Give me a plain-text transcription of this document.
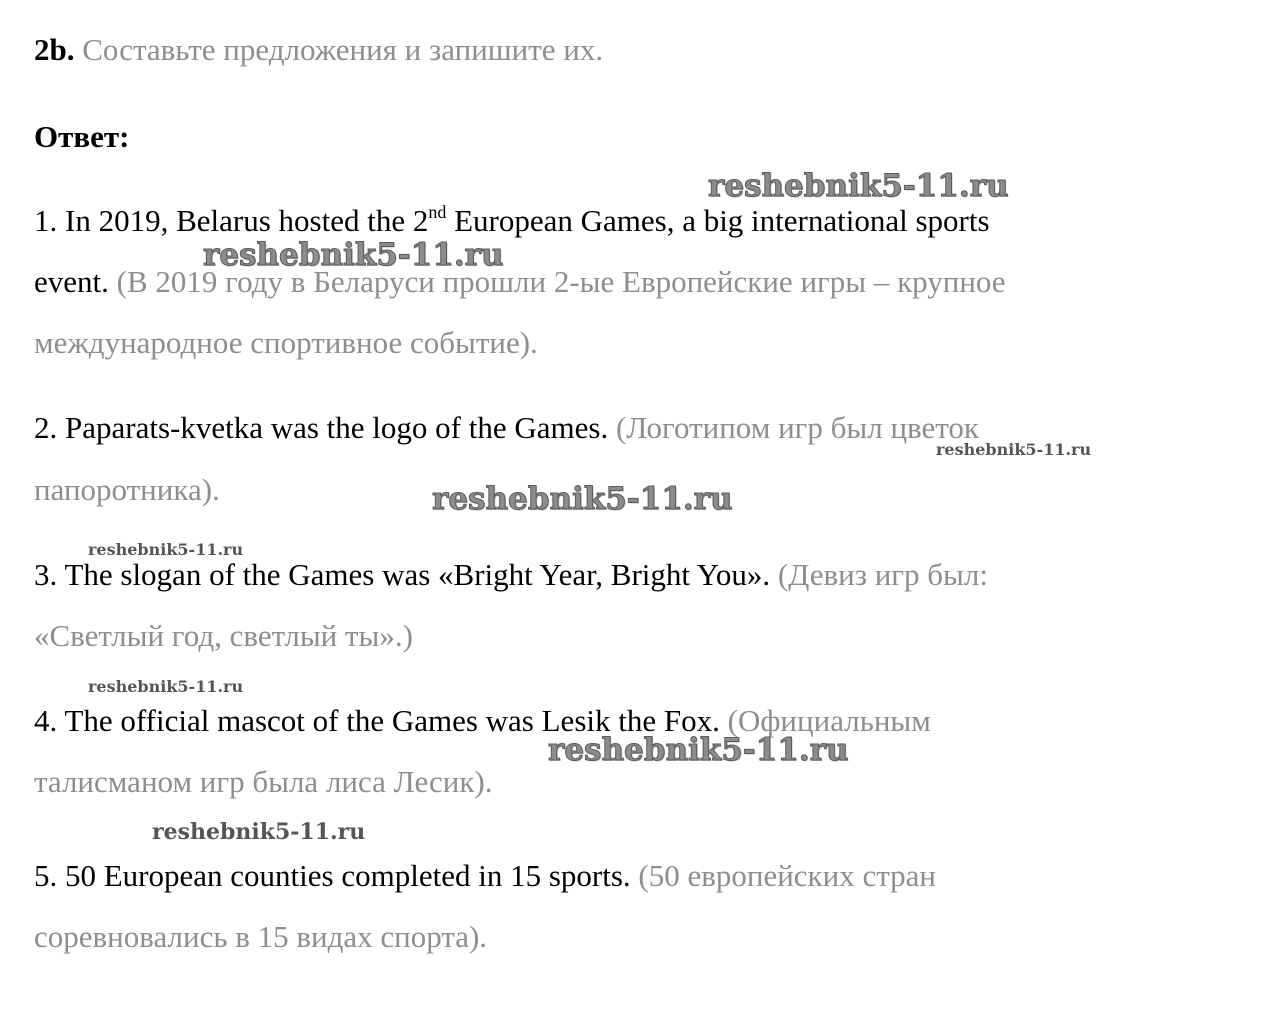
2b. Составьте предложения и запишите их.
Ответ:
1. In 2019, Belarus hosted the 2nd European Games, a big international sports
event. (В 2019 году в Беларуси прошли 2-ые Европейские игры – крупное
международное спортивное событие).
2. Paparats-kvetka was the logo of the Games. (Логотипом игр был цветок
папоротника).
3. The slogan of the Games was «Bright Year, Bright You». (Девиз игр был:
«Светлый год, светлый ты».)
4. The official mascot of the Games was Lesik the Fox. (Официальным
талисманом игр была лиса Лесик).
5. 50 European counties completed in 15 sports. (50 европейских стран
соревновались в 15 видах спорта).
reshebnik5-11.ru
reshebnik5-11.ru
reshebnik5-11.ru
reshebnik5-11.ru
reshebnik5-11.ru
reshebnik5-11.ru
reshebnik5-11.ru
reshebnik5-11.ru
